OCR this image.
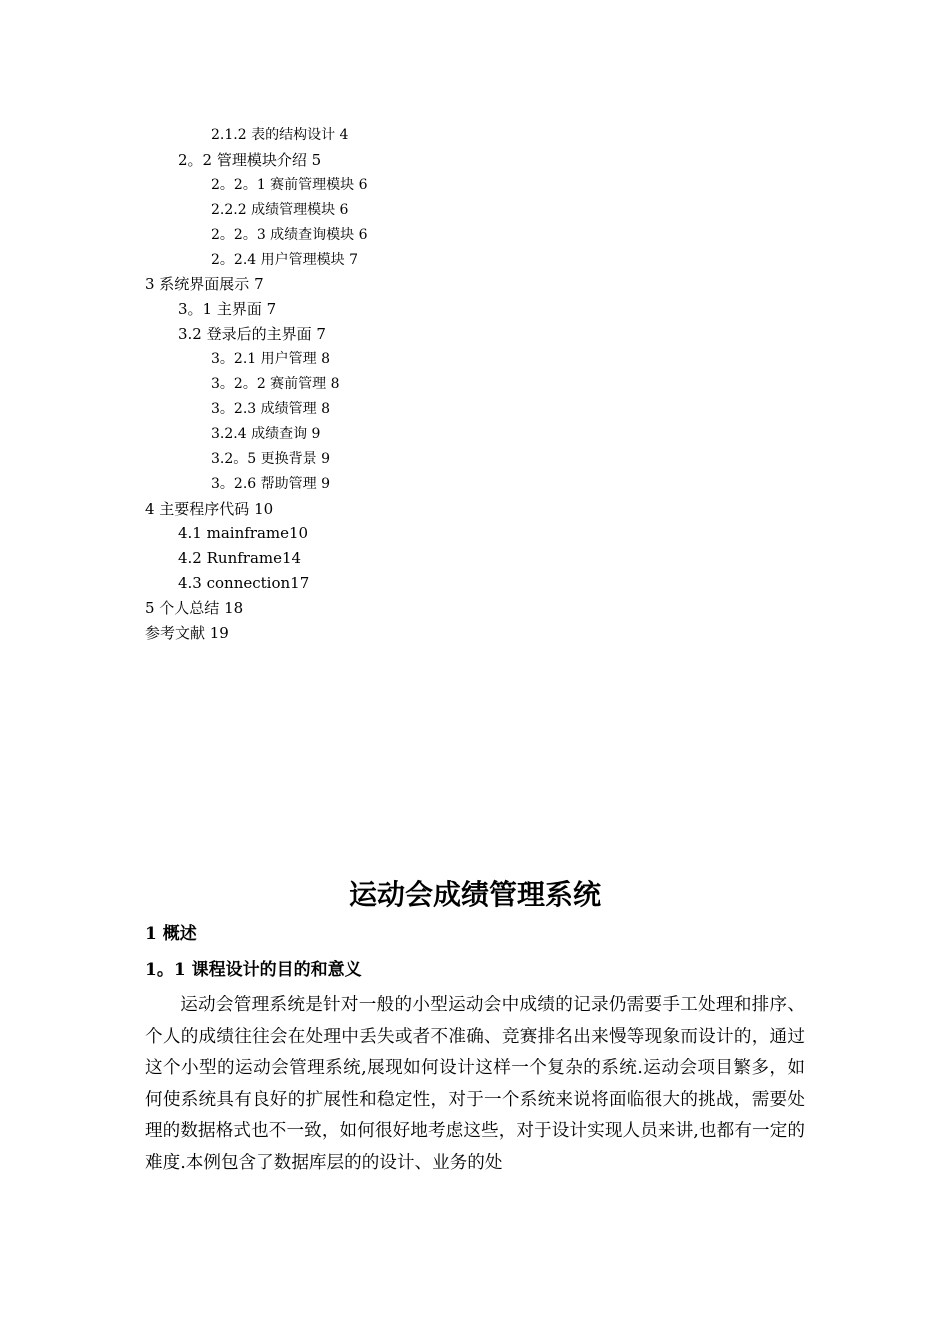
2.1.2 表的结构设计 4
2。2 管理模块介绍 5
2。2。1 赛前管理模块 6
2.2.2 成绩管理模块 6
2。2。3 成绩查询模块 6
2。2.4 用户管理模块 7
3 系统界面展示 7
3。1 主界面 7
3.2 登录后的主界面 7
3。2.1 用户管理 8
3。2。2 赛前管理 8
3。2.3 成绩管理 8
3.2.4 成绩查询 9
3.2。5 更换背景 9
3。2.6 帮助管理 9
4 主要程序代码 10
4.1 mainframe10
4.2 Runframe14
4.3 connection17
5 个人总结 18
参考文献 19
运动会成绩管理系统
1 概述
1。1 课程设计的目的和意义
运动会管理系统是针对一般的小型运动会中成绩的记录仍需要手工处理和排序、个人的成绩往往会在处理中丢失或者不准确、竞赛排名出来慢等现象而设计的，通过这个小型的运动会管理系统,展现如何设计这样一个复杂的系统.运动会项目繁多，如何使系统具有良好的扩展性和稳定性，对于一个系统来说将面临很大的挑战，需要处理的数据格式也不一致，如何很好地考虑这些，对于设计实现人员来讲,也都有一定的难度.本例包含了数据库层的的设计、业务的处
